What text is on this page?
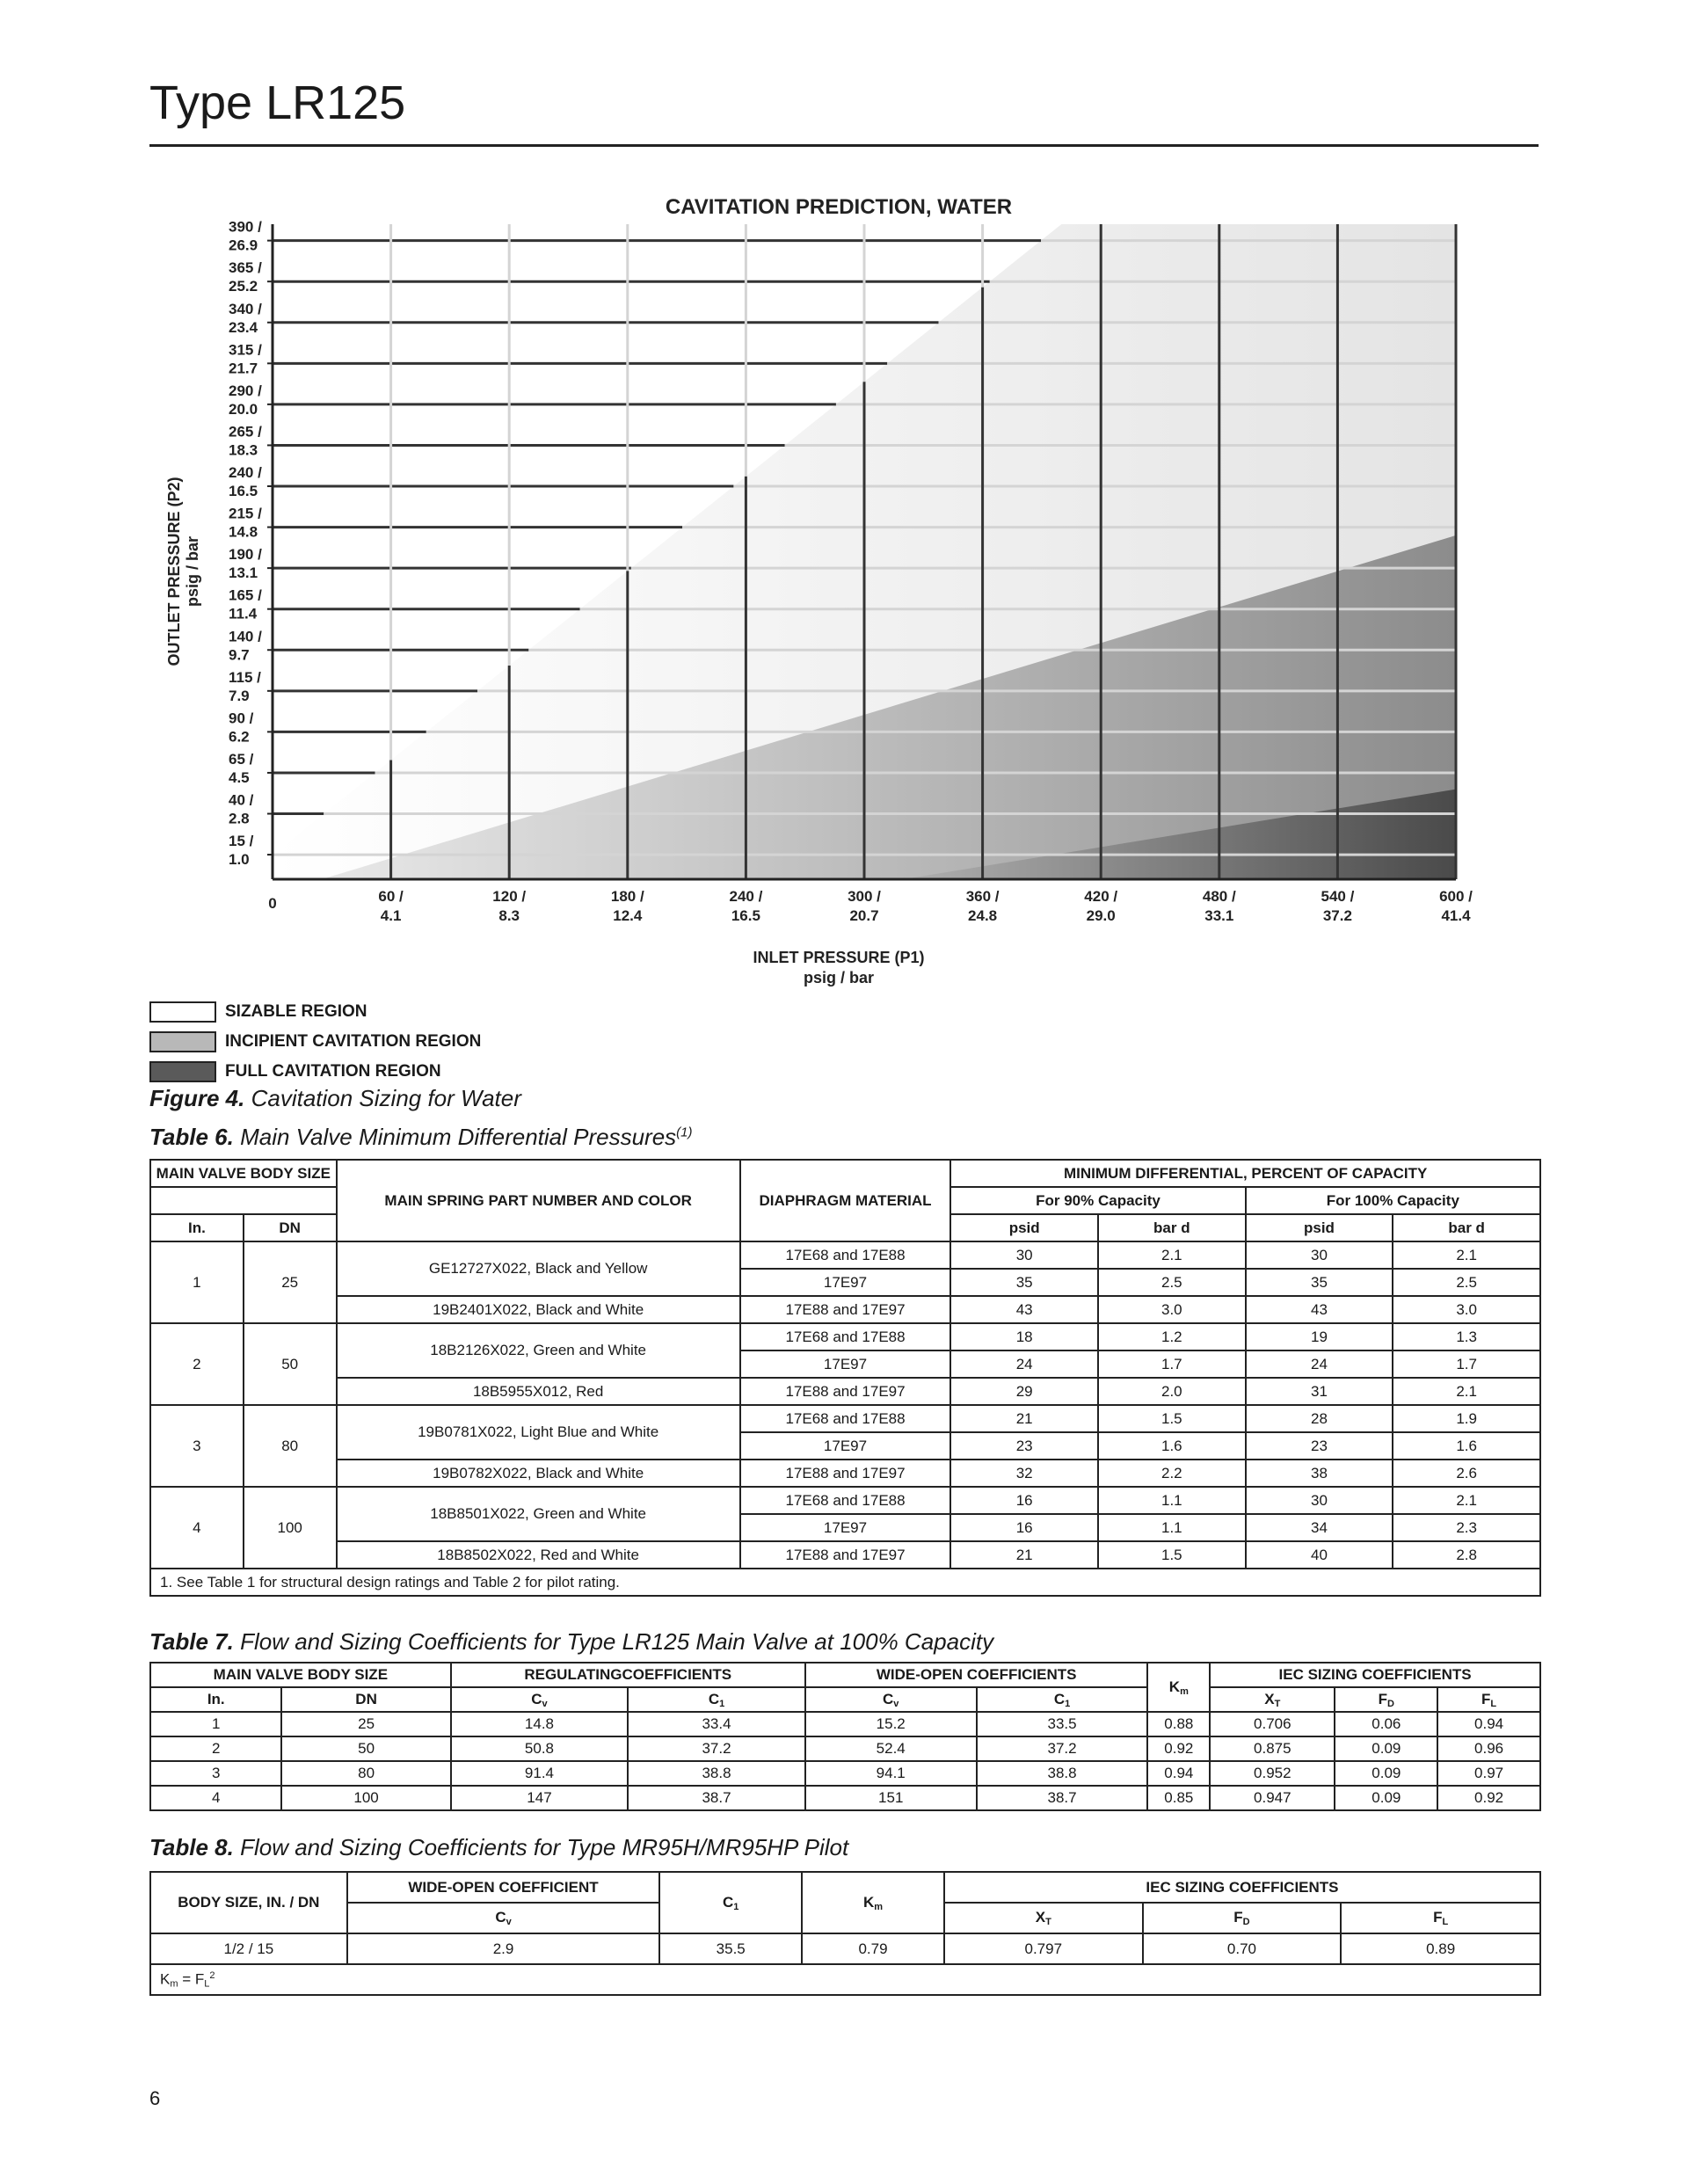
Type LR125
15 /
1.0
40 /
2.8
65 /
4.5
90 /
6.2
115 /
7.9
140 /
9.7
165 /
11.4
190 /
13.1
215 /
14.8
240 /
16.5
265 /
18.3
290 /
20.0
315 /
21.7
340 /
23.4
365 /
25.2
390 /
26.9
0	60 /
4.1
120 /
8.3
180 /
12.4
240 /
16.5
300 /
20.7
360 /
24.8
420 /
29.0
480 /
33.1
540 /
37.2
600 /
41.4
CAVITATION PREDICTION, WATER
INLET PRESSURE (P1)
psig / bar
OUTLET PRESSURE (P2) psig / bar
SIZABLE REGION
INCIPIENT CAVITATION REGION
FULL CAVITATION REGION
Figure 4. Cavitation Sizing for Water
Table 6. Main Valve Minimum Differential Pressures$^{(1)}$
MAIN VALVE BODY SIZE		MAIN SPRING PART NUMBER AND COLOR	DIAPHRAGM MATERIAL	MINIMUM DIFFERENTIAL, PERCENT OF CAPACITY			
				For 90% Capacity		For 100% Capacity	
In.	DN			psid	bar d	psid	bar d
1	25	GE12727X022, Black and Yellow	17E68 and 17E88	30	2.1	30	2.1
			17E97	35	2.5	35	2.5
		19B2401X022, Black and White	17E88 and 17E97	43	3.0	43	3.0
2	50	18B2126X022, Green and White	17E68 and 17E88	18	1.2	19	1.3
			17E97	24	1.7	24	1.7
		18B5955X012, Red	17E88 and 17E97	29	2.0	31	2.1
3	80	19B0781X022, Light Blue and White	17E68 and 17E88	21	1.5	28	1.9
			17E97	23	1.6	23	1.6
		19B0782X022, Black and White	17E88 and 17E97	32	2.2	38	2.6
4	100	18B8501X022, Green and White	17E68 and 17E88	16	1.1	30	2.1
			17E97	16	1.1	34	2.3
		18B8502X022, Red and White	17E88 and 17E97	21	1.5	40	2.8
1. See Table 1 for structural design ratings and Table 2 for pilot rating.							
Table 7. Flow and Sizing Coefficients for Type LR125 Main Valve at 100% Capacity
MAIN VALVE BODY SIZE		REGULATINGCOEFFICIENTS		WIDE-OPEN COEFFICIENTS		$K_m$	IEC SIZING COEFFICIENTS		
In.	DN	$C_v$	$C_1$	$C_v$	$C_1$		$X_T$	$F_D$	$F_L$
1	25	14.8	33.4	15.2	33.5	0.88	0.706	0.06	0.94
2	50	50.8	37.2	52.4	37.2	0.92	0.875	0.09	0.96
3	80	91.4	38.8	94.1	38.8	0.94	0.952	0.09	0.97
4	100	147	38.7	151	38.7	0.85	0.947	0.09	0.92
Table 8. Flow and Sizing Coefficients for Type MR95H/MR95HP Pilot
BODY SIZE, IN. / DN	WIDE-OPEN COEFFICIENT	$C_1$	$K_m$	IEC SIZING COEFFICIENTS		
	$C_v$			$X_T$	$F_D$	$F_L$
1/2 / 15	2.9	35.5	0.79	0.797	0.70	0.89
$K_m = F_L^2$
6
